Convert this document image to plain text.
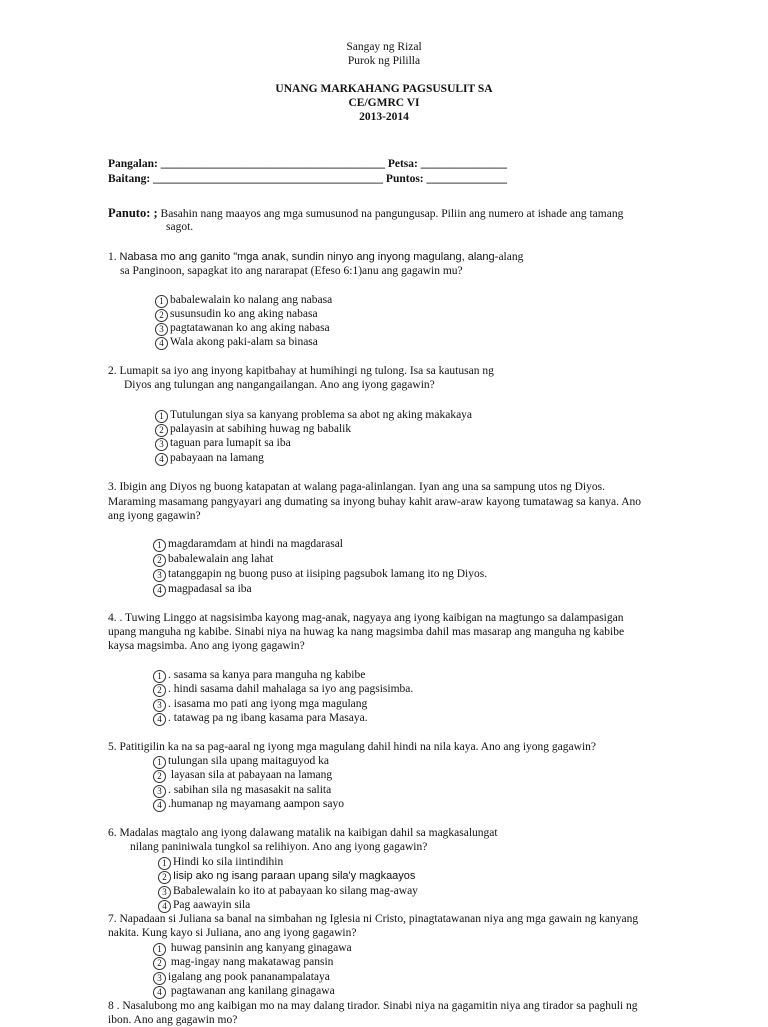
Sangay ng Rizal
Purok ng Pililla
UNANG MARKAHANG PAGSUSULIT SA
CE/GMRC VI
2013-2014
Pangalan: _______________________________________ Petsa: _______________
Baitang: ________________________________________ Puntos: ______________
Panuto: ; Basahin nang maayos ang mga sumusunod na pangungusap. Piliin ang numero at ishade ang tamang
sagot.
1. Nabasa mo ang ganito "mga anak, sundin ninyo ang inyong magulang, alang-alang
sa Panginoon, sapagkat ito ang nararapat (Efeso 6:1)anu ang gagawin mu?
1 babalewalain ko nalang ang nabasa
2 susunsudin ko ang aking nabasa
3 pagtatawanan ko ang aking nabasa
4 Wala akong paki-alam sa binasa
2. Lumapit sa iyo ang inyong kapitbahay at humihingi ng tulong. Isa sa kautusan ng
Diyos ang tulungan ang nangangailangan. Ano ang iyong gagawin?
1 Tutulungan siya sa kanyang problema sa abot ng aking makakaya
2 palayasin at sabihing huwag ng babalik
3 taguan para lumapit sa iba
4 pabayaan na lamang
3. Ibigin ang Diyos ng buong katapatan at walang paga-alinlangan. Iyan ang una sa sampung utos ng Diyos.
Maraming masamang pangyayari ang dumating sa inyong buhay kahit araw-araw kayong tumatawag sa kanya. Ano
ang iyong gagawin?
1 magdaramdam at hindi na magdarasal
2 babalewalain ang lahat
3 tatanggapin ng buong puso at iisiping pagsubok lamang ito ng Diyos.
4 magpadasal sa iba
4. . Tuwing Linggo at nagsisimba kayong mag-anak, nagyaya ang iyong kaibigan na magtungo sa dalampasigan
upang manguha ng kabibe. Sinabi niya na huwag ka nang magsimba dahil mas masarap ang manguha ng kabibe
kaysa magsimba. Ano ang iyong gagawin?
1 . sasama sa kanya para manguha ng kabibe
2 . hindi sasama dahil mahalaga sa iyo ang pagsisimba.
3 . isasama mo pati ang iyong mga magulang
4 . tatawag pa ng ibang kasama para Masaya.
5. Patitigilin ka na sa pag-aaral ng iyong mga magulang dahil hindi na nila kaya. Ano ang iyong gagawin?
1 tulungan sila upang maitaguyod ka
2 layasan sila at pabayaan na lamang
3 . sabihan sila ng masasakit na salita
4 .humanap ng mayamang aampon sayo
6. Madalas magtalo ang iyong dalawang matalik na kaibigan dahil sa magkasalungat
nilang paniniwala tungkol sa relihiyon. Ano ang iyong gagawin?
1 Hindi ko sila iintindihin
2 Iisip ako ng isang paraan upang sila'y magkaayos
3 Babalewalain ko ito at pabayaan ko silang mag-away
4 Pag aawayin sila
7. Napadaan si Juliana sa banal na simbahan ng Iglesia ni Cristo, pinagtatawanan niya ang mga gawain ng kanyang
nakita. Kung kayo si Juliana, ano ang iyong gagawin?
1 huwag pansinin ang kanyang ginagawa
2 mag-ingay nang makatawag pansin
3 igalang ang pook pananampalataya
4 pagtawanan ang kanilang ginagawa
8 . Nasalubong mo ang kaibigan mo na may dalang tirador. Sinabi niya na gagamitin niya ang tirador sa paghuli ng
ibon. Ano ang gagawin mo?
